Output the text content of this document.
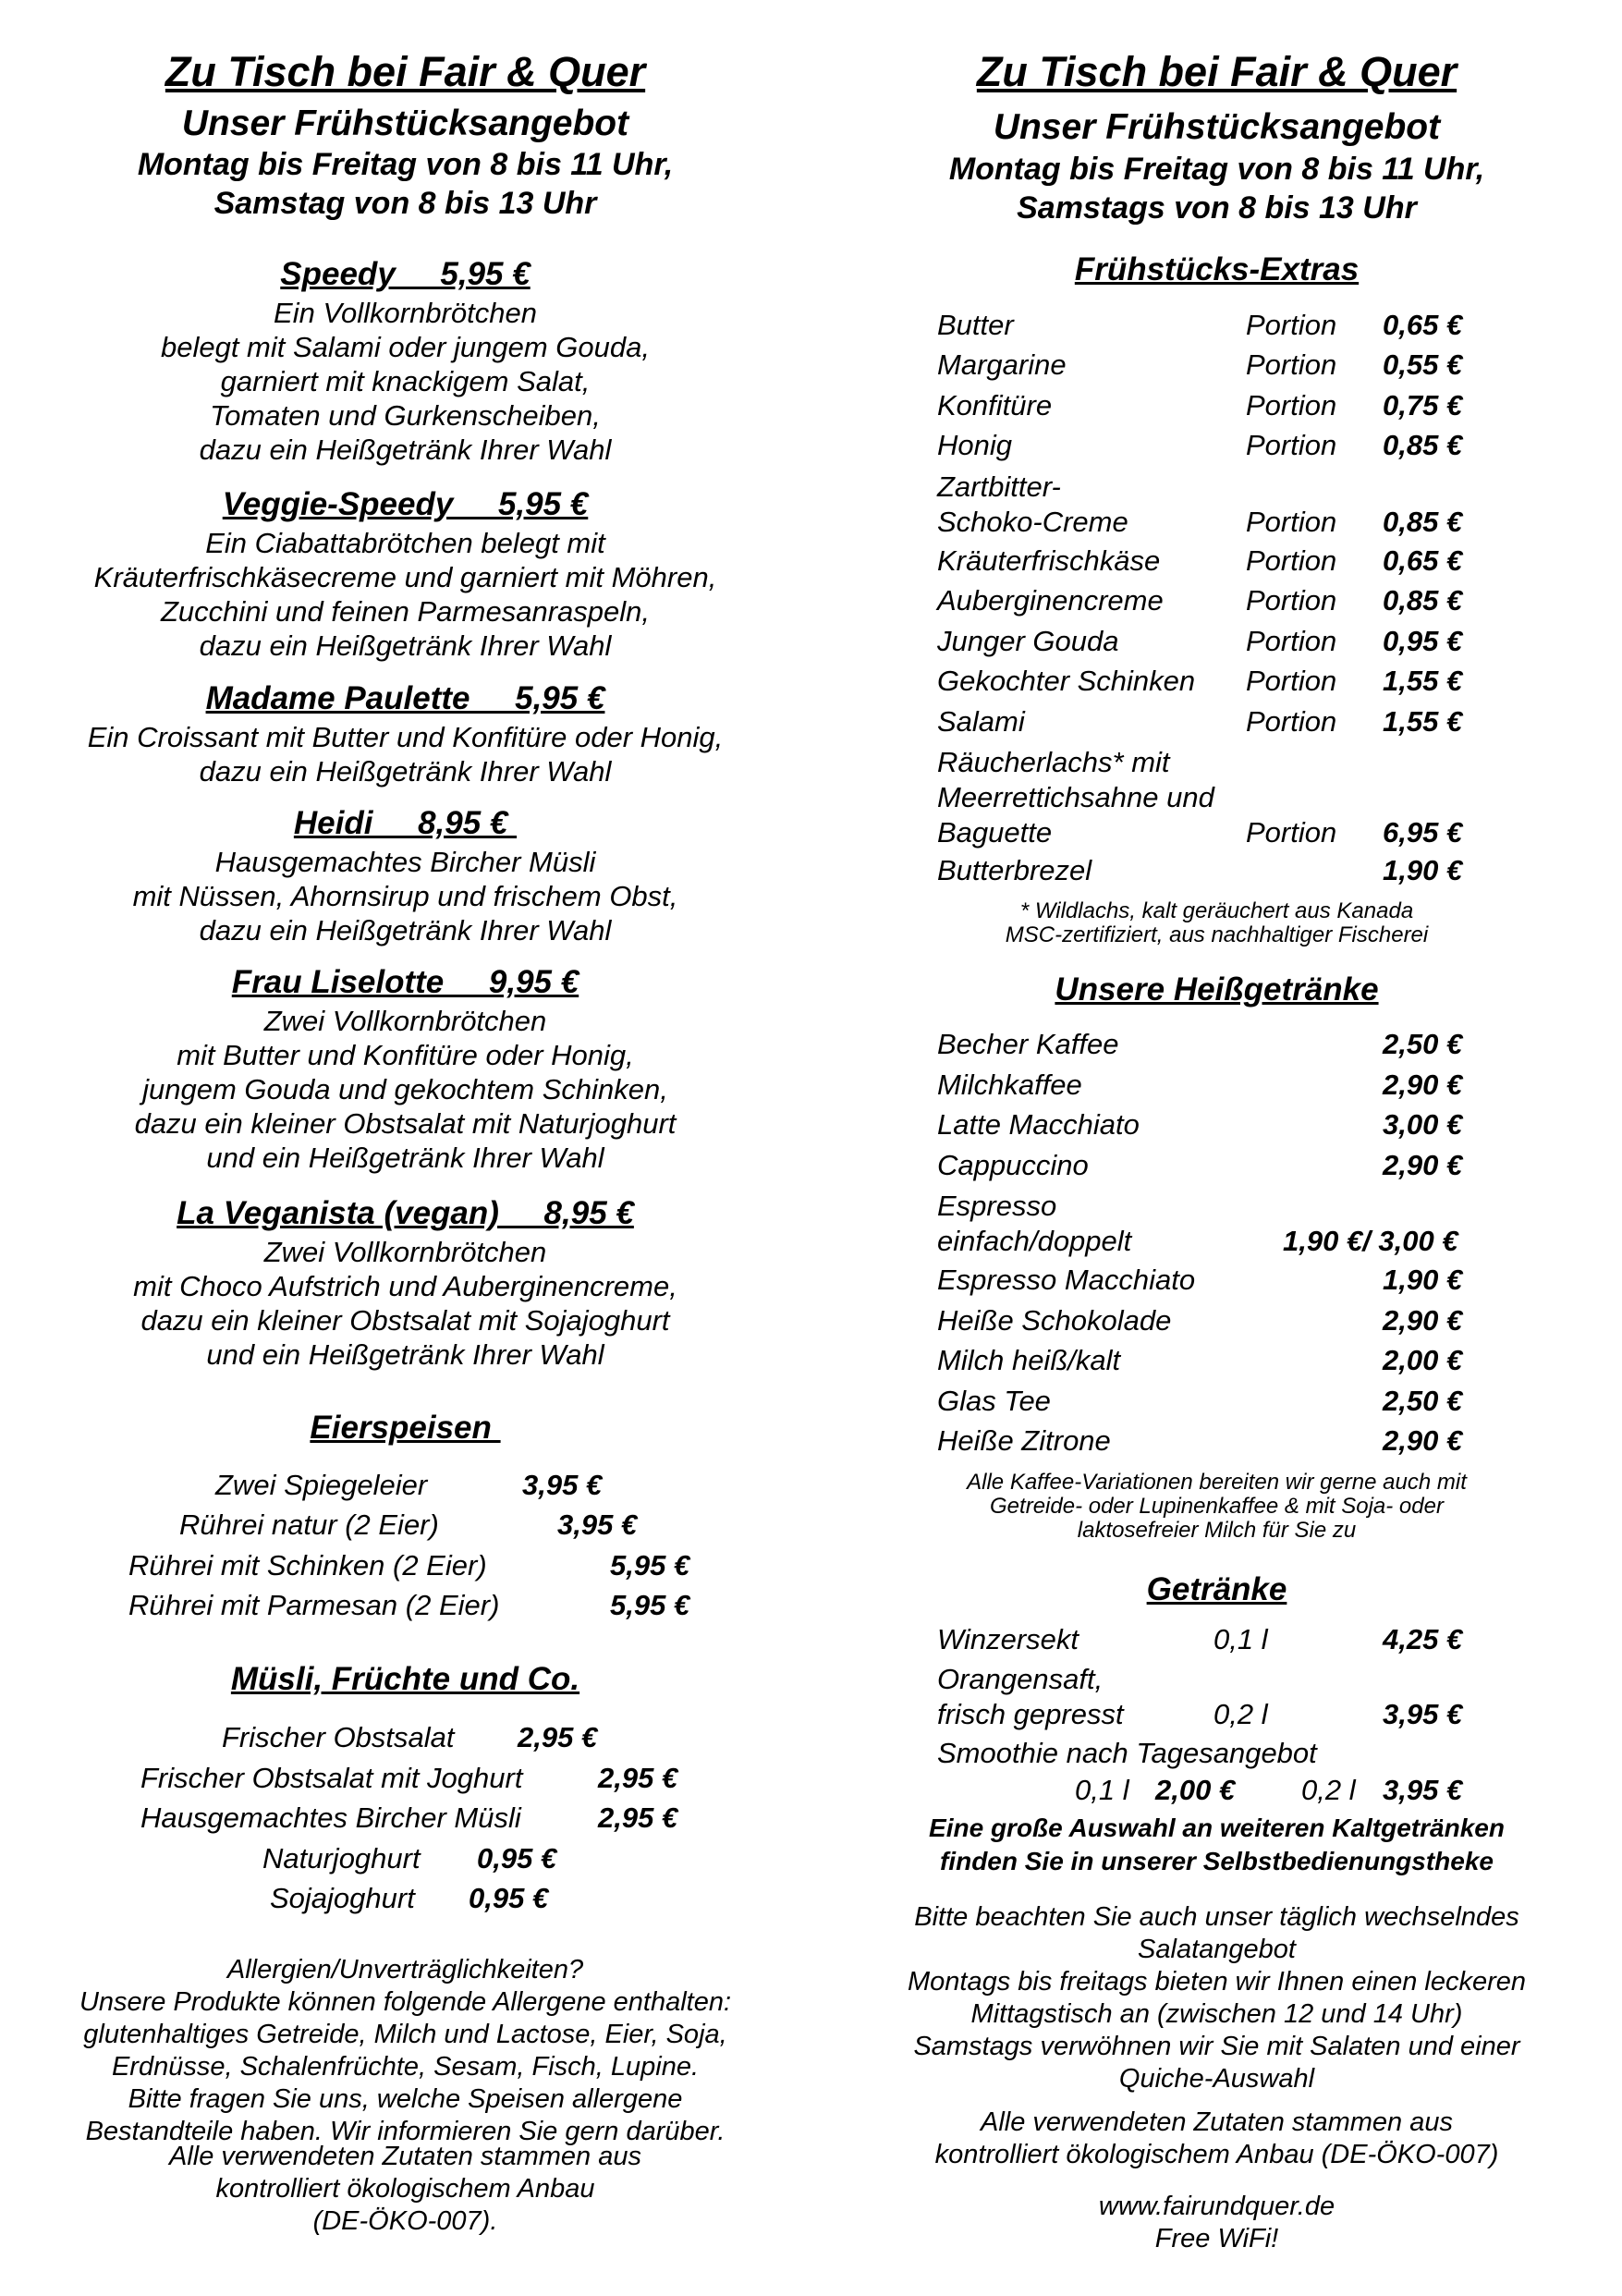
Zu Tisch bei Fair & Quer
Unser Frühstücksangebot
Montag bis Freitag von 8 bis 11 Uhr,
Samstag von 8 bis 13 Uhr
Speedy     5,95 €
Ein Vollkornbrötchen
belegt mit Salami oder jungem Gouda,
garniert mit knackigem Salat,
Tomaten und Gurkenscheiben,
dazu ein Heißgetränk Ihrer Wahl
Veggie-Speedy     5,95 €
Ein Ciabattabrötchen belegt mit
Kräuterfrischkäsecreme und garniert mit Möhren,
Zucchini und feinen Parmesanraspeln,
dazu ein Heißgetränk Ihrer Wahl
Madame Paulette     5,95 €
Ein Croissant mit Butter und Konfitüre oder Honig,
dazu ein Heißgetränk Ihrer Wahl
Heidi     8,95 €
Hausgemachtes Bircher Müsli
mit Nüssen, Ahornsirup und frischem Obst,
dazu ein Heißgetränk Ihrer Wahl
Frau Liselotte     9,95 €
Zwei Vollkornbrötchen
mit Butter und Konfitüre oder Honig,
jungem Gouda und gekochtem Schinken,
dazu ein kleiner Obstsalat mit Naturjoghurt
und ein Heißgetränk Ihrer Wahl
La Veganista (vegan)     8,95 €
Zwei Vollkornbrötchen
mit Choco Aufstrich und Auberginencreme,
dazu ein kleiner Obstsalat mit Sojajoghurt
und ein Heißgetränk Ihrer Wahl
Eierspeisen
Zwei Spiegeleier	3,95 €
Rührei natur (2 Eier)	3,95 €
Rührei mit Schinken (2 Eier)	5,95 €
Rührei mit Parmesan (2 Eier)	5,95 €
Müsli, Früchte und Co.
Frischer Obstsalat 2,95 €
Frischer Obstsalat mit Joghurt	2,95 €
Hausgemachtes Bircher Müsli	2,95 €
Naturjoghurt 0,95 €
Sojajoghurt 0,95 €
Allergien/Unverträglichkeiten?
Unsere Produkte können folgende Allergene enthalten:
glutenhaltiges Getreide, Milch und Lactose, Eier, Soja,
Erdnüsse, Schalenfrüchte, Sesam, Fisch, Lupine.
Bitte fragen Sie uns, welche Speisen allergene
Bestandteile haben. Wir informieren Sie gern darüber.
Alle verwendeten Zutaten stammen aus
kontrolliert ökologischem Anbau
(DE-ÖKO-007).
Zu Tisch bei Fair & Quer
Unser Frühstücksangebot
Montag bis Freitag von 8 bis 11 Uhr,
Samstags von 8 bis 13 Uhr
Frühstücks-Extras
Butter	Portion 0,65 €
Margarine	Portion 0,55 €
Konfitüre	Portion 0,75 €
Honig	Portion 0,85 €
Zartbitter-
Schoko-Creme	Portion 0,85 €
Kräuterfrischkäse	Portion 0,65 €
Auberginencreme	Portion 0,85 €
Junger Gouda	Portion 0,95 €
Gekochter Schinken Portion 1,55 €
Salami	Portion 1,55 €
Räucherlachs* mit
Meerrettichsahne und
Baguette	Portion 6,95 €
Butterbrezel	1,90 €
* Wildlachs, kalt geräuchert aus Kanada
MSC-zertifiziert, aus nachhaltiger Fischerei
Unsere Heißgetränke
Becher Kaffee	2,50 €
Milchkaffee	2,90 €
Latte Macchiato	3,00 €
Cappuccino	2,90 €
Espresso
einfach/doppelt	1,90 €/ 3,00 €
Espresso Macchiato	1,90 €
Heiße Schokolade	2,90 €
Milch heiß/kalt	2,00 €
Glas Tee	2,50 €
Heiße Zitrone	2,90 €
Alle Kaffee-Variationen bereiten wir gerne auch mit
Getreide- oder Lupinenkaffee & mit Soja- oder
laktosefreier Milch für Sie zu
Getränke
Winzersekt	0,1 l	4,25 €
Orangensaft,
frisch gepresst	0,2 l	3,95 €
Smoothie nach Tagesangebot
0,1 l 2,00 € 0,2 l 3,95 €
Eine große Auswahl an weiteren Kaltgetränken
finden Sie in unserer Selbstbedienungstheke
Bitte beachten Sie auch unser täglich wechselndes
Salatangebot
Montags bis freitags bieten wir Ihnen einen leckeren
Mittagstisch an (zwischen 12 und 14 Uhr)
Samstags verwöhnen wir Sie mit Salaten und einer
Quiche-Auswahl
Alle verwendeten Zutaten stammen aus
kontrolliert ökologischem Anbau (DE-ÖKO-007)
www.fairundquer.de
Free WiFi!
